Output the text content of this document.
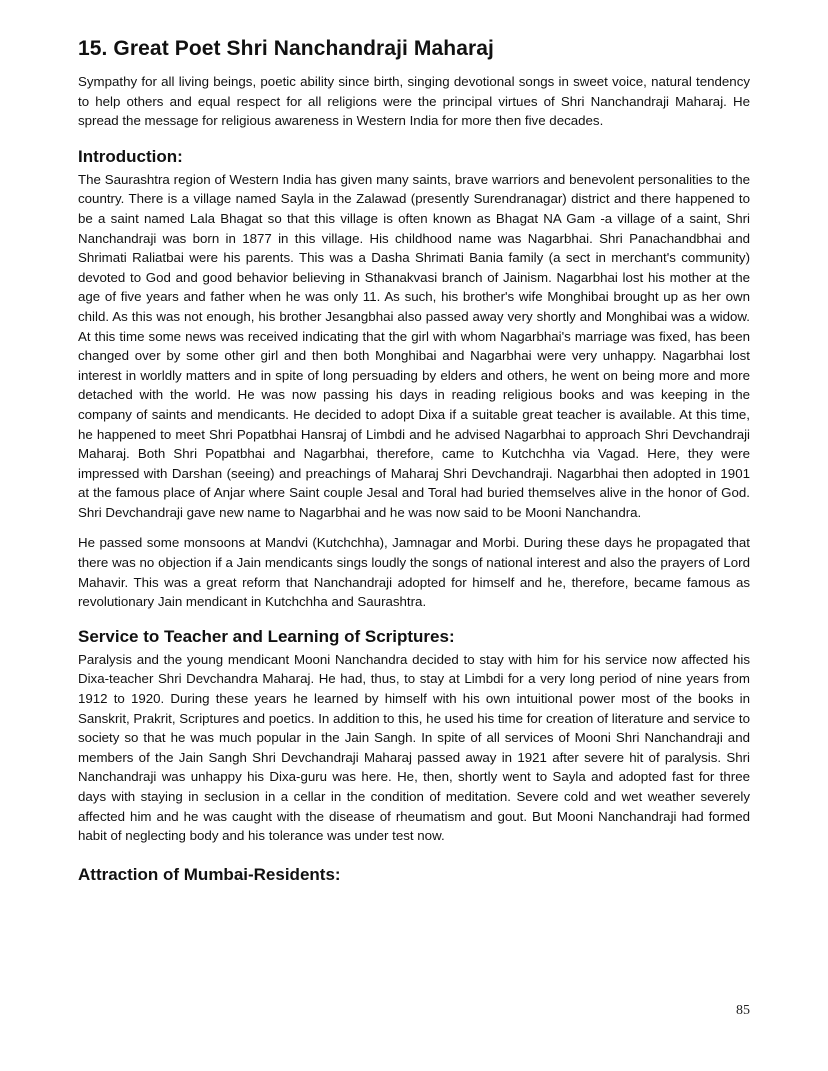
15. Great Poet Shri Nanchandraji Maharaj

Sympathy for all living beings, poetic ability since birth, singing devotional songs in sweet voice, natural tendency to help others and equal respect for all religions were the principal virtues of Shri Nanchandraji Maharaj. He spread the message for religious awareness in Western India for more then five decades.

Introduction:

The Saurashtra region of Western India has given many saints, brave warriors and benevolent personalities to the country. There is a village named Sayla in the Zalawad (presently Surendranagar) district and there happened to be a saint named Lala Bhagat so that this village is often known as Bhagat NA Gam -a village of a saint, Shri Nanchandraji was born in 1877 in this village. His childhood name was Nagarbhai. Shri Panachandbhai and Shrimati Raliatbai were his parents. This was a Dasha Shrimati Bania family (a sect in merchant's community) devoted to God and good behavior believing in Sthanakvasi branch of Jainism. Nagarbhai lost his mother at the age of five years and father when he was only 11. As such, his brother's wife Monghibai brought up as her own child. As this was not enough, his brother Jesangbhai also passed away very shortly and Monghibai was a widow. At this time some news was received indicating that the girl with whom Nagarbhai's marriage was fixed, has been changed over by some other girl and then both Monghibai and Nagarbhai were very unhappy. Nagarbhai lost interest in worldly matters and in spite of long persuading by elders and others, he went on being more and more detached with the world. He was now passing his days in reading religious books and was keeping in the company of saints and mendicants. He decided to adopt Dixa if a suitable great teacher is available. At this time, he happened to meet Shri Popatbhai Hansraj of Limbdi and he advised Nagarbhai to approach Shri Devchandraji Maharaj. Both Shri Popatbhai and Nagarbhai, therefore, came to Kutchchha via Vagad. Here, they were impressed with Darshan (seeing) and preachings of Maharaj Shri Devchandraji. Nagarbhai then adopted in 1901 at the famous place of Anjar where Saint couple Jesal and Toral had buried themselves alive in the honor of God. Shri Devchandraji gave new name to Nagarbhai and he was now said to be Mooni Nanchandra.

He passed some monsoons at Mandvi (Kutchchha), Jamnagar and Morbi. During these days he propagated that there was no objection if a Jain mendicants sings loudly the songs of national interest and also the prayers of Lord Mahavir. This was a great reform that Nanchandraji adopted for himself and he, therefore, became famous as revolutionary Jain mendicant in Kutchchha and Saurashtra.

Service to Teacher and Learning of Scriptures:

Paralysis and the young mendicant Mooni Nanchandra decided to stay with him for his service now affected his Dixa-teacher Shri Devchandra Maharaj. He had, thus, to stay at Limbdi for a very long period of nine years from 1912 to 1920. During these years he learned by himself with his own intuitional power most of the books in Sanskrit, Prakrit, Scriptures and poetics. In addition to this, he used his time for creation of literature and service to society so that he was much popular in the Jain Sangh. In spite of all services of Mooni Shri Nanchandraji and members of the Jain Sangh Shri Devchandraji Maharaj passed away in 1921 after severe hit of paralysis. Shri Nanchandraji was unhappy his Dixa-guru was here. He, then, shortly went to Sayla and adopted fast for three days with staying in seclusion in a cellar in the condition of meditation. Severe cold and wet weather severely affected him and he was caught with the disease of rheumatism and gout. But Mooni Nanchandraji had formed habit of neglecting body and his tolerance was under test now.

Attraction of Mumbai-Residents:
85
